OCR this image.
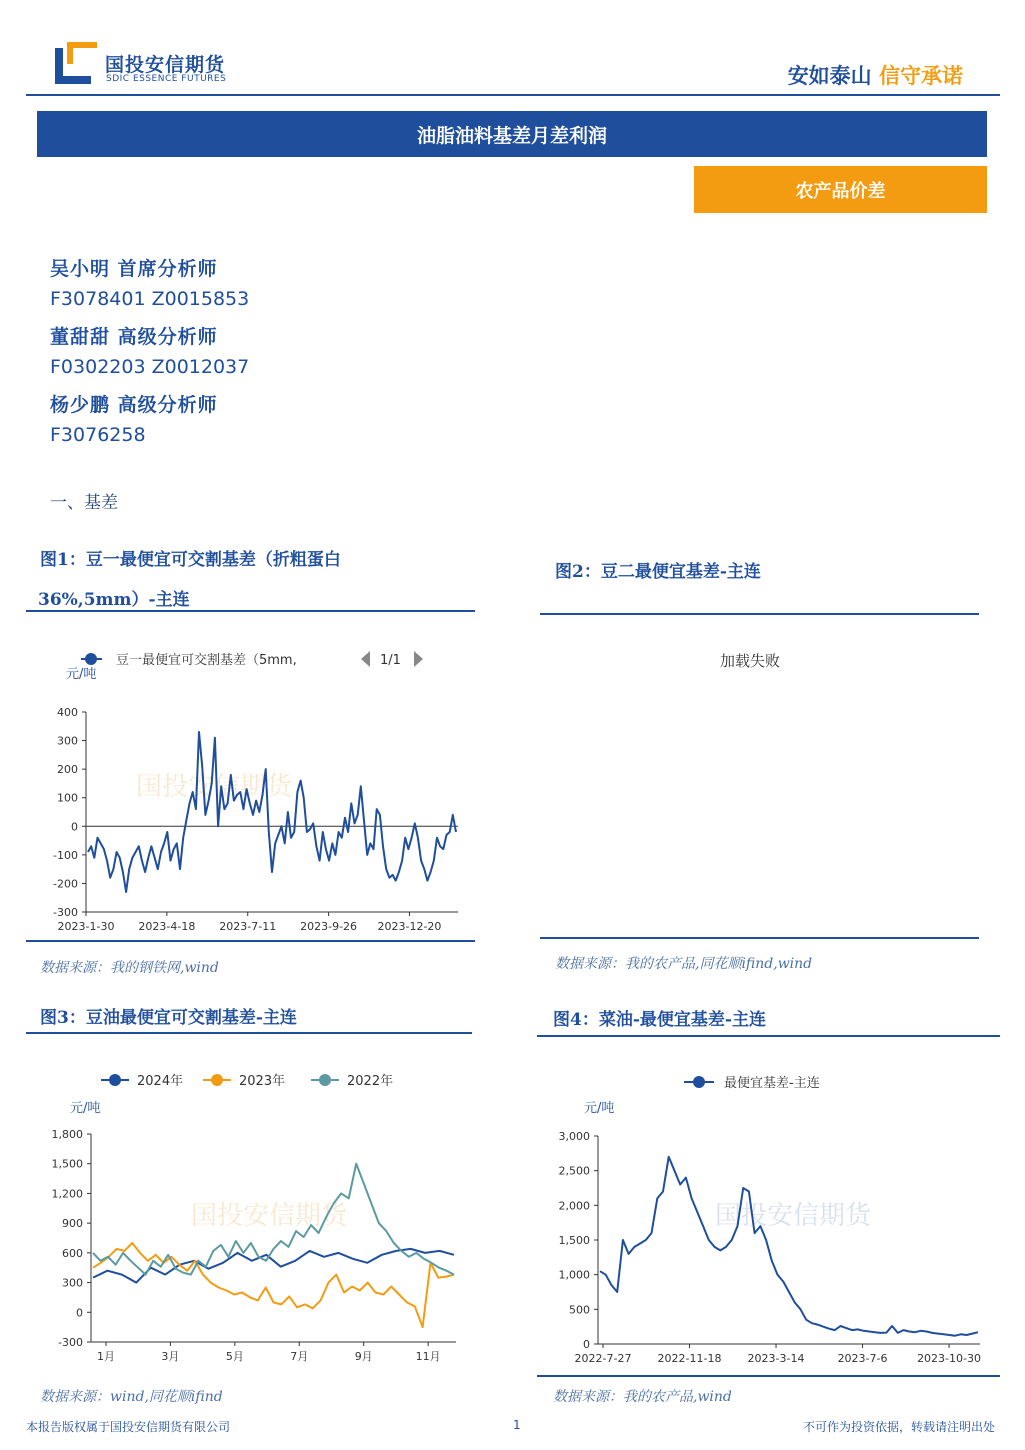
国投安信期货
SDIC ESSENCE FUTURES	安如泰山 信守承诺
油脂油料基差月差利润
农产品价差
吴小明 首席分析师
F3078401 Z0015853
董甜甜 高级分析师
F0302203 Z0012037
杨少鹏 高级分析师
F3076258
一、基差
图1：豆一最便宜可交割基差（折粗蛋白
36%,5mm）-主连
图2：豆二最便宜基差-主连
国投安信期货
豆一最便宜可交割基差（5mm,	1/1
元/吨
400
300
200
100
0
-100
-200
-300
2023-1-30 2023-4-18 2023-7-11 2023-9-26 2023-12-20
数据来源：我的钢铁网,wind
加载失败
数据来源：我的农产品,同花顺ifind,wind
图3：豆油最便宜可交割基差-主连
国投安信期货
2024年	2023年	2022年
元/吨
1,800
1,500
1,200
900
600
300
0
-300
1月	3月	5月	7月	9月	11月
数据来源：wind,同花顺ifind
图4：菜油-最便宜基差-主连
国投安信期货
最便宜基差-主连
元/吨
3,000
2,500
2,000
1,500
1,000
500
0
2022-7-27 2022-11-18 2023-3-14	2023-7-6	2023-10-30
数据来源：我的农产品,wind
本报告版权属于国投安信期货有限公司	1	不可作为投资依据，转载请注明出处
